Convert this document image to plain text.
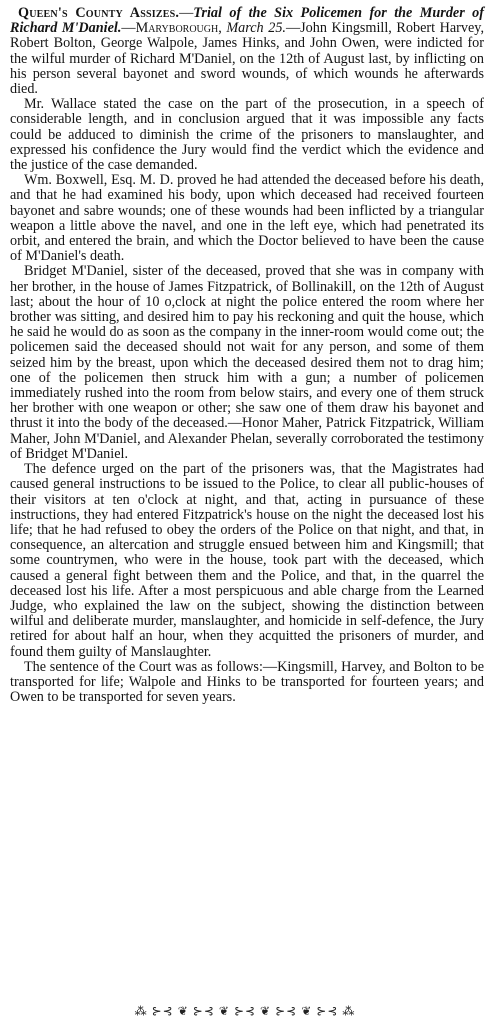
Queen's County Assizes.—Trial of the Six Policemen for the Murder of Richard M'Daniel.—Maryborough, March 25.—John Kingsmill, Robert Harvey, Robert Bolton, George Walpole, James Hinks, and John Owen, were indicted for the wilful murder of Richard M'Daniel, on the 12th of August last, by inflicting on his person several bayonet and sword wounds, of which wounds he afterwards died.

Mr. Wallace stated the case on the part of the prosecution, in a speech of considerable length, and in conclusion argued that it was impossible any facts could be adduced to diminish the crime of the prisoners to manslaughter, and expressed his confidence the Jury would find the verdict which the evidence and the justice of the case demanded.

Wm. Boxwell, Esq. M. D. proved he had attended the deceased before his death, and that he had examined his body, upon which deceased had received fourteen bayonet and sabre wounds; one of these wounds had been inflicted by a triangular weapon a little above the navel, and one in the left eye, which had penetrated its orbit, and entered the brain, and which the Doctor believed to have been the cause of M'Daniel's death.

Bridget M'Daniel, sister of the deceased, proved that she was in company with her brother, in the house of James Fitzpatrick, of Bollinakill, on the 12th of August last; about the hour of 10 o,clock at night the police entered the room where her brother was sitting, and desired him to pay his reckoning and quit the house, which he said he would do as soon as the company in the inner-room would come out; the policemen said the deceased should not wait for any person, and some of them seized him by the breast, upon which the deceased desired them not to drag him; one of the policemen then struck him with a gun; a number of policemen immediately rushed into the room from below stairs, and every one of them struck her brother with one weapon or other; she saw one of them draw his bayonet and thrust it into the body of the deceased.—Honor Maher, Patrick Fitzpatrick, William Maher, John M'Daniel, and Alexander Phelan, severally corroborated the testimony of Bridget M'Daniel.

The defence urged on the part of the prisoners was, that the Magistrates had caused general instructions to be issued to the Police, to clear all public-houses of their visitors at ten o'clock at night, and that, acting in pursuance of these instructions, they had entered Fitzpatrick's house on the night the deceased lost his life; that he had refused to obey the orders of the Police on that night, and that, in consequence, an altercation and struggle ensued between him and Kingsmill; that some countrymen, who were in the house, took part with the deceased, which caused a general fight between them and the Police, and that, in the quarrel the deceased lost his life. After a most perspicuous and able charge from the Learned Judge, who explained the law on the subject, showing the distinction between wilful and deliberate murder, manslaughter, and homicide in self-defence, the Jury retired for about half an hour, when they acquitted the prisoners of murder, and found them guilty of Manslaughter.

The sentence of the Court was as follows:—Kingsmill, Harvey, and Bolton to be transported for life; Walpole and Hinks to be transported for fourteen years; and Owen to be transported for seven years.

⁂ ⊱⊰ ❦ ⊱⊰ ❦ ⊱⊰ ❦ ⊱⊰ ❦ ⊱⊰ ⁂
